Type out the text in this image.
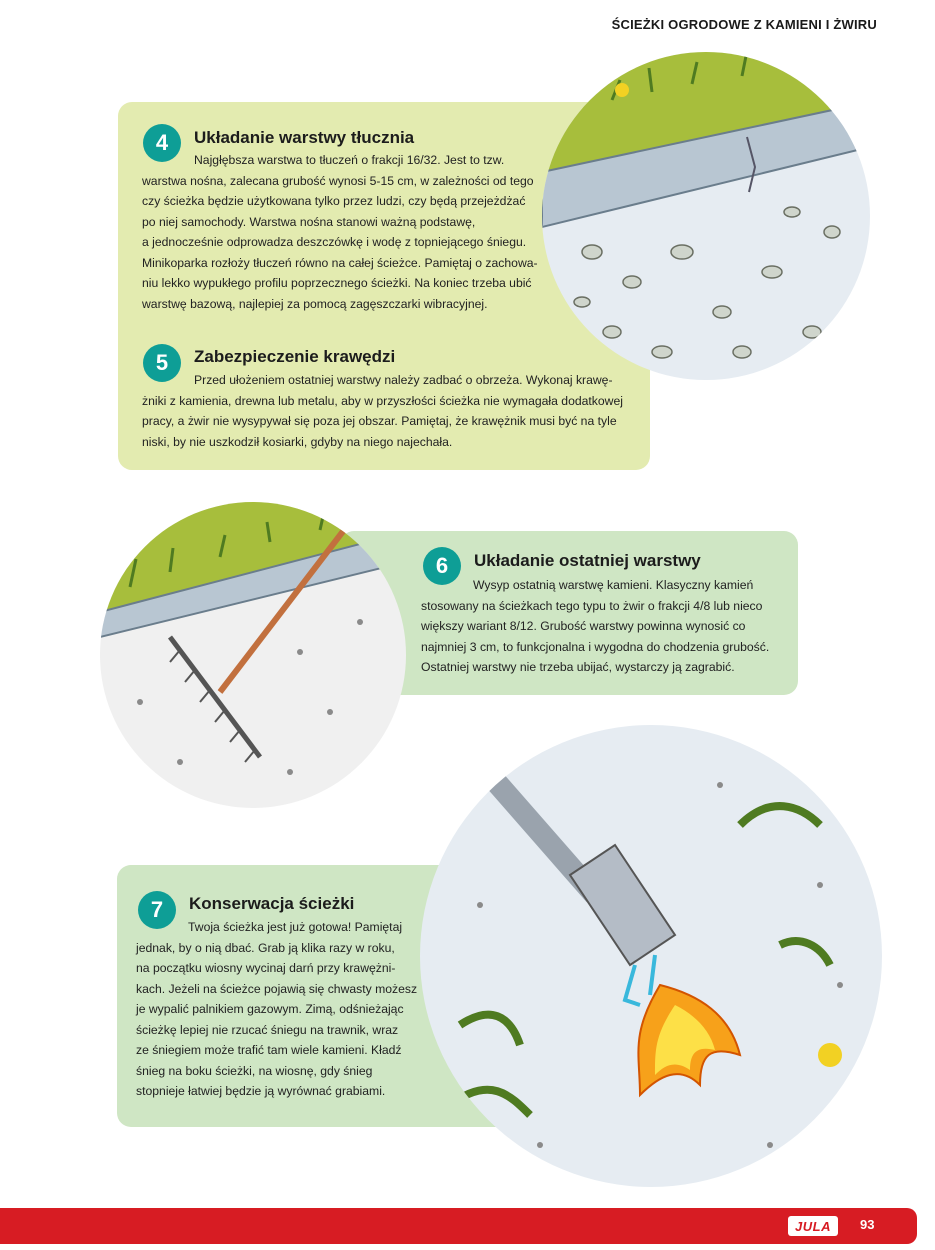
ŚCIEŻKI OGRODOWE Z KAMIENI I ŻWIRU
4	Układanie warstwy tłucznia
Najgłębsza warstwa to tłuczeń o frakcji 16/32. Jest to tzw.
warstwa nośna, zalecana grubość wynosi 5-15 cm, w zależności od tego
czy ścieżka będzie użytkowana tylko przez ludzi, czy będą przejeżdżać
po niej samochody. Warstwa nośna stanowi ważną podstawę,
a jednocześnie odprowadza deszczówkę i wodę z topniejącego śniegu.
Minikoparka rozłoży tłuczeń równo na całej ścieżce. Pamiętaj o zachowa-
niu lekko wypukłego profilu poprzecznego ścieżki. Na koniec trzeba ubić
warstwę bazową, najlepiej za pomocą zagęszczarki wibracyjnej.
5	Zabezpieczenie krawędzi
Przed ułożeniem ostatniej warstwy należy zadbać o obrzeża. Wykonaj krawę-
żniki z kamienia, drewna lub metalu, aby w przyszłości ścieżka nie wymagała dodatkowej
pracy, a żwir nie wysypywał się poza jej obszar. Pamiętaj, że krawężnik musi być na tyle
niski, by nie uszkodził kosiarki, gdyby na niego najechała.
6	Układanie ostatniej warstwy
Wysyp ostatnią warstwę kamieni. Klasyczny kamień
stosowany na ścieżkach tego typu to żwir o frakcji 4/8 lub nieco
większy wariant 8/12. Grubość warstwy powinna wynosić co
najmniej 3 cm, to funkcjonalna i wygodna do chodzenia grubość.
Ostatniej warstwy nie trzeba ubijać, wystarczy ją zagrabić.
7	Konserwacja ścieżki
Twoja ścieżka jest już gotowa! Pamiętaj
jednak, by o nią dbać. Grab ją klika razy w roku,
na początku wiosny wycinaj darń przy krawężni-
kach. Jeżeli na ścieżce pojawią się chwasty możesz
je wypalić palnikiem gazowym. Zimą, odśnieżając
ścieżkę lepiej nie rzucać śniegu na trawnik, wraz
ze śniegiem może trafić tam wiele kamieni. Kładź
śnieg na boku ścieżki, na wiosnę, gdy śnieg
stopnieje łatwiej będzie ją wyrównać grabiami.
JULA	93
